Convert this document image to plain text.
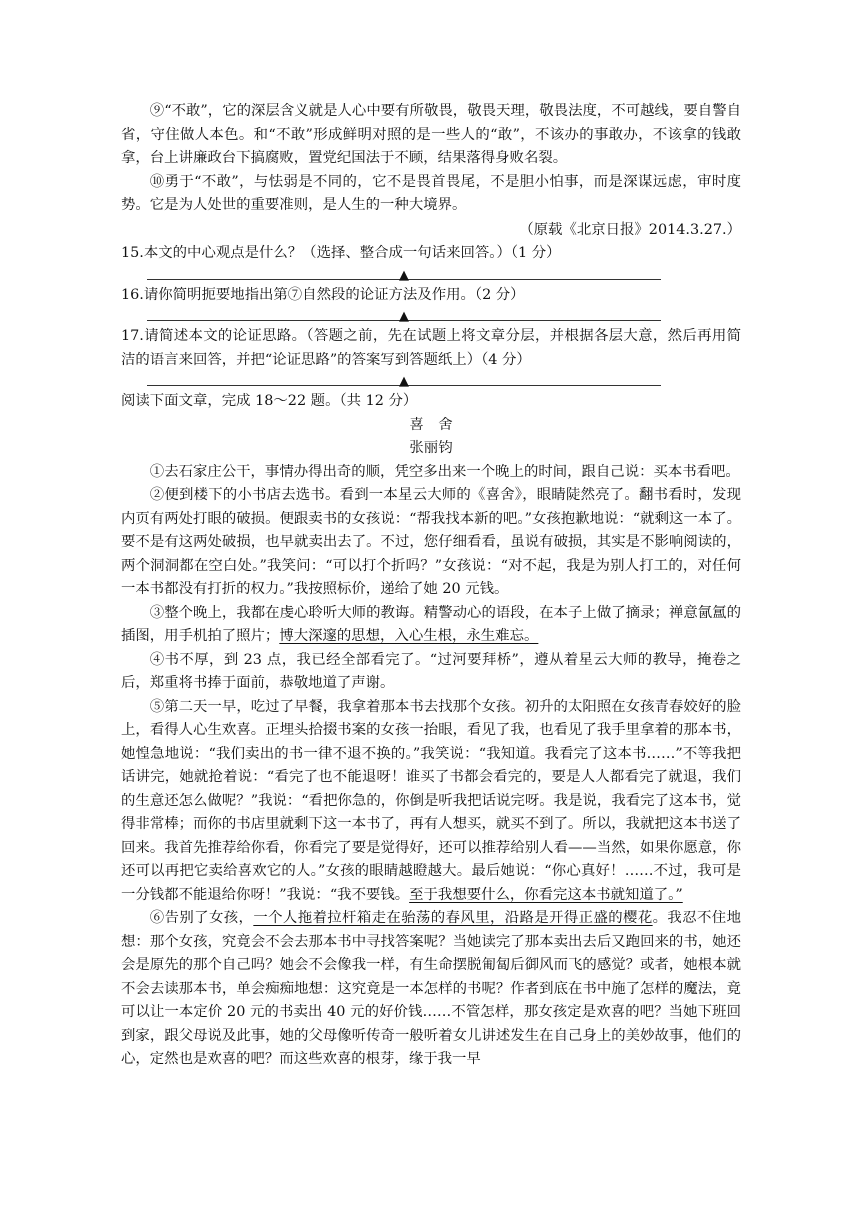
⑨“不敢”，它的深层含义就是人心中要有所敬畏，敬畏天理，敬畏法度，不可越线，要自警自省，守住做人本色。和“不敢”形成鲜明对照的是一些人的“敢”，不该办的事敢办，不该拿的钱敢拿，台上讲廉政台下搞腐败，置党纪国法于不顾，结果落得身败名裂。

⑩勇于“不敢”，与怯弱是不同的，它不是畏首畏尾，不是胆小怕事，而是深谋远虑，审时度势。它是为人处世的重要准则，是人生的一种大境界。

（原载《北京日报》2014.3.27.）

15.本文的中心观点是什么？（选择、整合成一句话来回答。）（1 分）

▲

16.请你简明扼要地指出第⑦自然段的论证方法及作用。（2 分）

▲

17.请简述本文的论证思路。（答题之前，先在试题上将文章分层，并根据各层大意，然后再用简洁的语言来回答，并把“论证思路”的答案写到答题纸上）（4 分）

▲

阅读下面文章，完成 18～22 题。（共 12 分）

喜　舍

张丽钧

①去石家庄公干，事情办得出奇的顺，凭空多出来一个晚上的时间，跟自己说：买本书看吧。

②便到楼下的小书店去选书。看到一本星云大师的《喜舍》，眼睛陡然亮了。翻书看时，发现内页有两处打眼的破损。便跟卖书的女孩说：“帮我找本新的吧。”女孩抱歉地说：“就剩这一本了。要不是有这两处破损，也早就卖出去了。不过，您仔细看看，虽说有破损，其实是不影响阅读的，两个洞洞都在空白处。”我笑问：“可以打个折吗？”女孩说：“对不起，我是为别人打工的，对任何一本书都没有打折的权力。”我按照标价，递给了她 20 元钱。

③整个晚上，我都在虔心聆听大师的教诲。精警动心的语段，在本子上做了摘录；禅意氤氲的插图，用手机拍了照片；博大深邃的思想，入心生根，永生难忘。

④书不厚，到 23 点，我已经全部看完了。“过河要拜桥”，遵从着星云大师的教导，掩卷之后，郑重将书捧于面前，恭敬地道了声谢。

⑤第二天一早，吃过了早餐，我拿着那本书去找那个女孩。初升的太阳照在女孩青春姣好的脸上，看得人心生欢喜。正埋头拾掇书案的女孩一抬眼，看见了我，也看见了我手里拿着的那本书，她惶急地说：“我们卖出的书一律不退不换的。”我笑说：“我知道。我看完了这本书……”不等我把话讲完，她就抢着说：“看完了也不能退呀！谁买了书都会看完的，要是人人都看完了就退，我们的生意还怎么做呢？”我说：“看把你急的，你倒是听我把话说完呀。我是说，我看完了这本书，觉得非常棒；而你的书店里就剩下这一本书了，再有人想买，就买不到了。所以，我就把这本书送了回来。我首先推荐给你看，你看完了要是觉得好，还可以推荐给别人看——当然，如果你愿意，你还可以再把它卖给喜欢它的人。”女孩的眼睛越瞪越大。最后她说：“你心真好！……不过，我可是一分钱都不能退给你呀！”我说：“我不要钱。至于我想要什么，你看完这本书就知道了。”

⑥告别了女孩，一个人拖着拉杆箱走在骀荡的春风里，沿路是开得正盛的樱花。我忍不住地想：那个女孩，究竟会不会去那本书中寻找答案呢？当她读完了那本卖出去后又跑回来的书，她还会是原先的那个自己吗？她会不会像我一样，有生命摆脱匍匐后御风而飞的感觉？或者，她根本就不会去读那本书，单会痴痴地想：这究竟是一本怎样的书呢？作者到底在书中施了怎样的魔法，竟可以让一本定价 20 元的书卖出 40 元的好价钱……不管怎样，那女孩定是欢喜的吧？当她下班回到家，跟父母说及此事，她的父母像听传奇一般听着女儿讲述发生在自己身上的美妙故事，他们的心，定然也是欢喜的吧？而这些欢喜的根芽，缘于我一早
